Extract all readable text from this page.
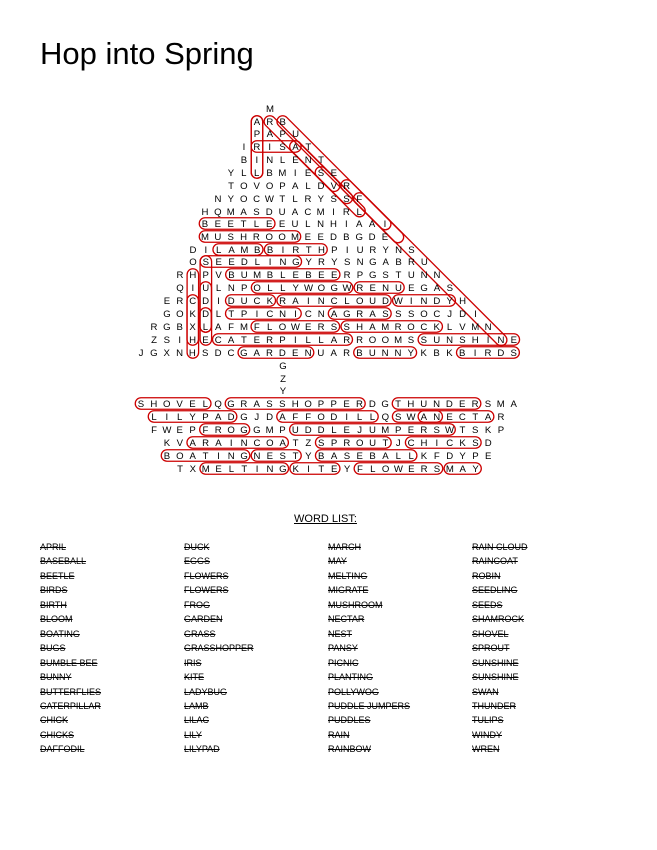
Hop into Spring
M
A R B
P A P U
I R I S A T
B I N L E N T
Y L L B M I E S E
T O V O P A L D V R
N Y O C W T L R Y S S F
H Q M A S D U A C M I R L
B E E T L E E U L N H I A A I
M U S H R O O M E E D B G D E
D I L A M B B I R T H P I U R Y N S
O S E E D L I N G Y R Y S N G A B R U
R H P V B U M B L E B E E R P G S T U N N
Q I U L N P O L L Y W O G W R E N U E G A S
E R C D I D U C K R A I N C L O U D W I N D Y H
G O K D L T P I C N I C N A G R A S S S O C J D I
R G B X L A F M F L O W E R S S H A M R O C K L V M N
Z S I H E C A T E R P I L L A R R O O M S S U N S H I N E
J G X N H S D C G A R D E N U A R B U N N Y K B K B I R D S
G
Z
Y
S H O V E L Q G R A S S H O P P E R D G T H U N D E R S M A
L I L Y P A D G J D A F F O D I L L Q S W A N E C T A R
F W E P F R O G G M P U D D L E J U M P E R S W T S K P
K V A R A I N C O A T Z S P R O U T J C H I C K S D
B O A T I N G N E S T Y B A S E B A L L K F D Y P E
T X M E L T I N G K I T E Y F L O W E R S M A Y
WORD LIST:
APRIL
BASEBALL
BEETLE
BIRDS
BIRTH
BLOOM
BOATING
BUGS
BUMBLE BEE
BUNNY
BUTTERFLIES
CATERPILLAR
CHICK
CHICKS
DAFFODIL
DUCK
EGGS
FLOWERS
FLOWERS
FROG
GARDEN
GRASS
GRASSHOPPER
IRIS
KITE
LADYBUG
LAMB
LILAC
LILY
LILYPAD
MARCH
MAY
MELTING
MIGRATE
MUSHROOM
NECTAR
NEST
PANSY
PICNIC
PLANTING
POLLYWOG
PUDDLE JUMPERS
PUDDLES
RAIN
RAINBOW
RAIN CLOUD
RAINCOAT
ROBIN
SEEDLING
SEEDS
SHAMROCK
SHOVEL
SPROUT
SUNSHINE
SUNSHINE
SWAN
THUNDER
TULIPS
WINDY
WREN
